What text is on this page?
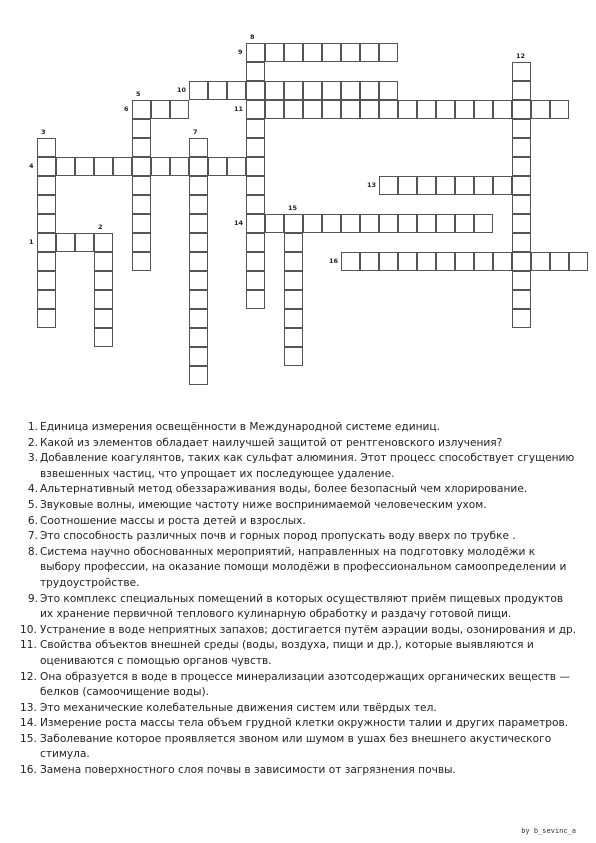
1
2
3
4
5
6
7
8
9
10
11
12
13
14
15
16
1. Единица измерения освещённости в Международной системе единиц.
2. Какой из элементов обладает наилучшей защитой от рентгеновского излучения?
3. Добавление коагулянтов, таких как сульфат алюминия. Этот процесс способствует сгущению взвешенных частиц, что упрощает их последующее удаление.
4. Альтернативный метод обеззараживания воды, более безопасный чем хлорирование.
5. Звуковые волны, имеющие частоту ниже воспринимаемой человеческим ухом.
6. Соотношение массы и роста детей и взрослых.
7. Это способность различных почв и горных пород пропускать воду вверх по трубке .
8. Система научно обоснованных мероприятий, направленных на подготовку молодёжи к выбору профессии, на оказание помощи молодёжи в профессиональном самоопределении и трудоустройстве.
9. Это комплекс специальных помещений в которых осуществляют приём пищевых продуктов их хранение первичной теплового кулинарную обработку и раздачу готовой пищи.
10. Устранение в воде неприятных запахов; достигается путём аэрации воды, озонирования и др.
11. Свойства объектов внешней среды (воды, воздуха, пищи и др.), которые выявляются и оцениваются с помощью органов чувств.
12. Она образуется в воде в процессе минерализации азотсодержащих органических веществ — белков (самоочищение воды).
13. Это механические колебательные движения систем или твёрдых тел.
14. Измерение роста массы тела объем грудной клетки окружности талии и других параметров.
15. Заболевание которое проявляется звоном или шумом в ушах без внешнего акустического стимула.
16. Замена поверхностного слоя почвы в зависимости от загрязнения почвы.
by b_sevinc_a
